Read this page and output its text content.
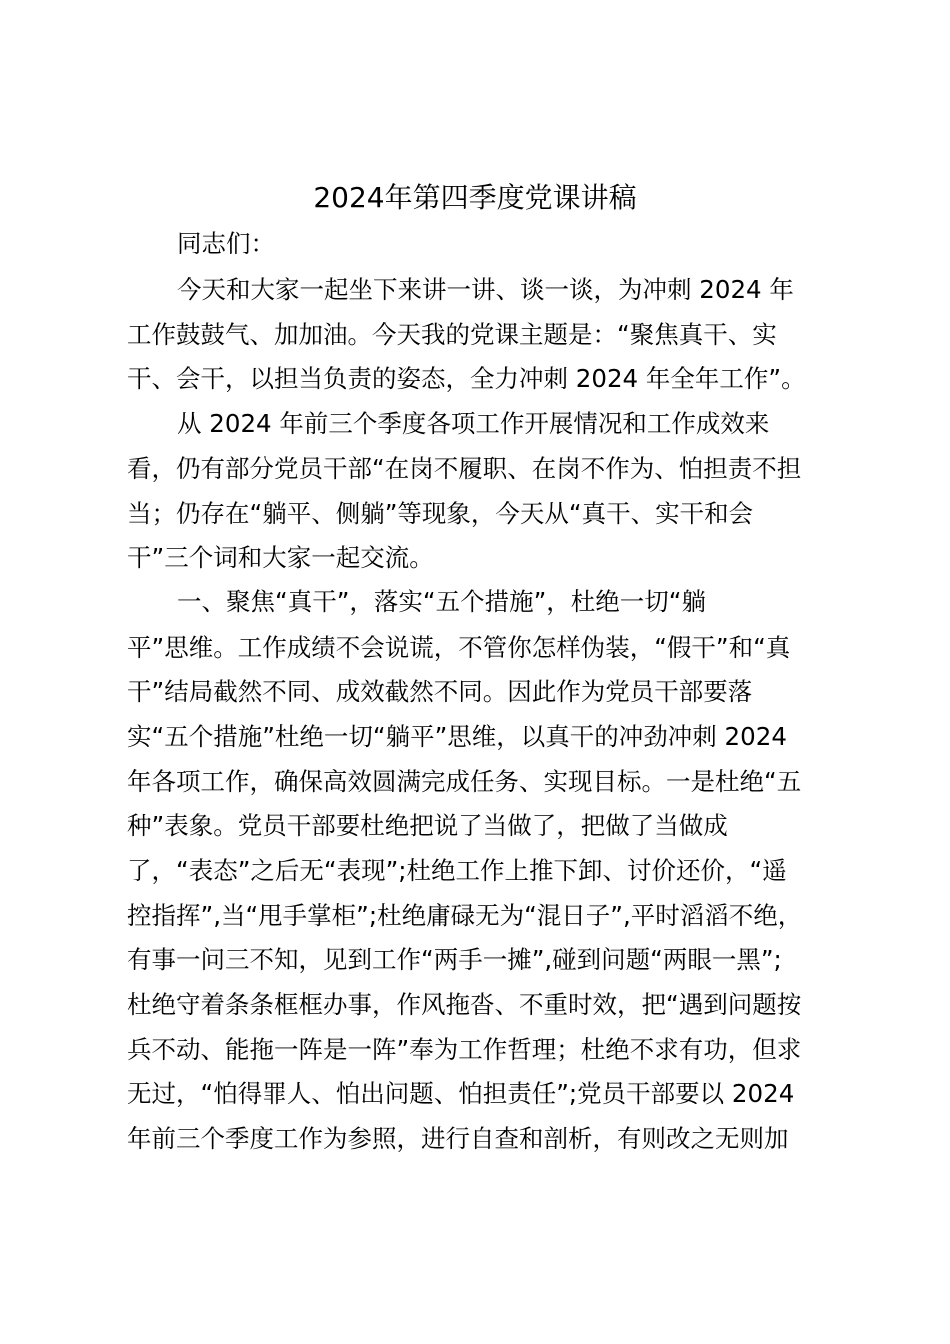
2024年第四季度党课讲稿
同志们：
今天和大家一起坐下来讲一讲、谈一谈，为冲刺 2024 年
工作鼓鼓气、加加油。今天我的党课主题是：“聚焦真干、实
干、会干，以担当负责的姿态，全力冲刺 2024 年全年工作”。
从 2024 年前三个季度各项工作开展情况和工作成效来
看，仍有部分党员干部“在岗不履职、在岗不作为、怕担责不担
当；仍存在“躺平、侧躺”等现象，今天从“真干、实干和会
干”三个词和大家一起交流。
一、聚焦“真干”，落实“五个措施”，杜绝一切“躺
平”思维。工作成绩不会说谎，不管你怎样伪装，“假干”和“真
干”结局截然不同、成效截然不同。因此作为党员干部要落
实“五个措施”杜绝一切“躺平”思维，以真干的冲劲冲刺 2024
年各项工作，确保高效圆满完成任务、实现目标。一是杜绝“五
种”表象。党员干部要杜绝把说了当做了，把做了当做成
了，“表态”之后无“表现”;杜绝工作上推下卸、讨价还价，“遥
控指挥”,当“甩手掌柜”;杜绝庸碌无为“混日子”,平时滔滔不绝，
有事一问三不知，见到工作“两手一摊”,碰到问题“两眼一黑”;
杜绝守着条条框框办事，作风拖沓、不重时效，把“遇到问题按
兵不动、能拖一阵是一阵”奉为工作哲理；杜绝不求有功，但求
无过，“怕得罪人、怕出问题、怕担责任”;党员干部要以 2024
年前三个季度工作为参照，进行自查和剖析，有则改之无则加
